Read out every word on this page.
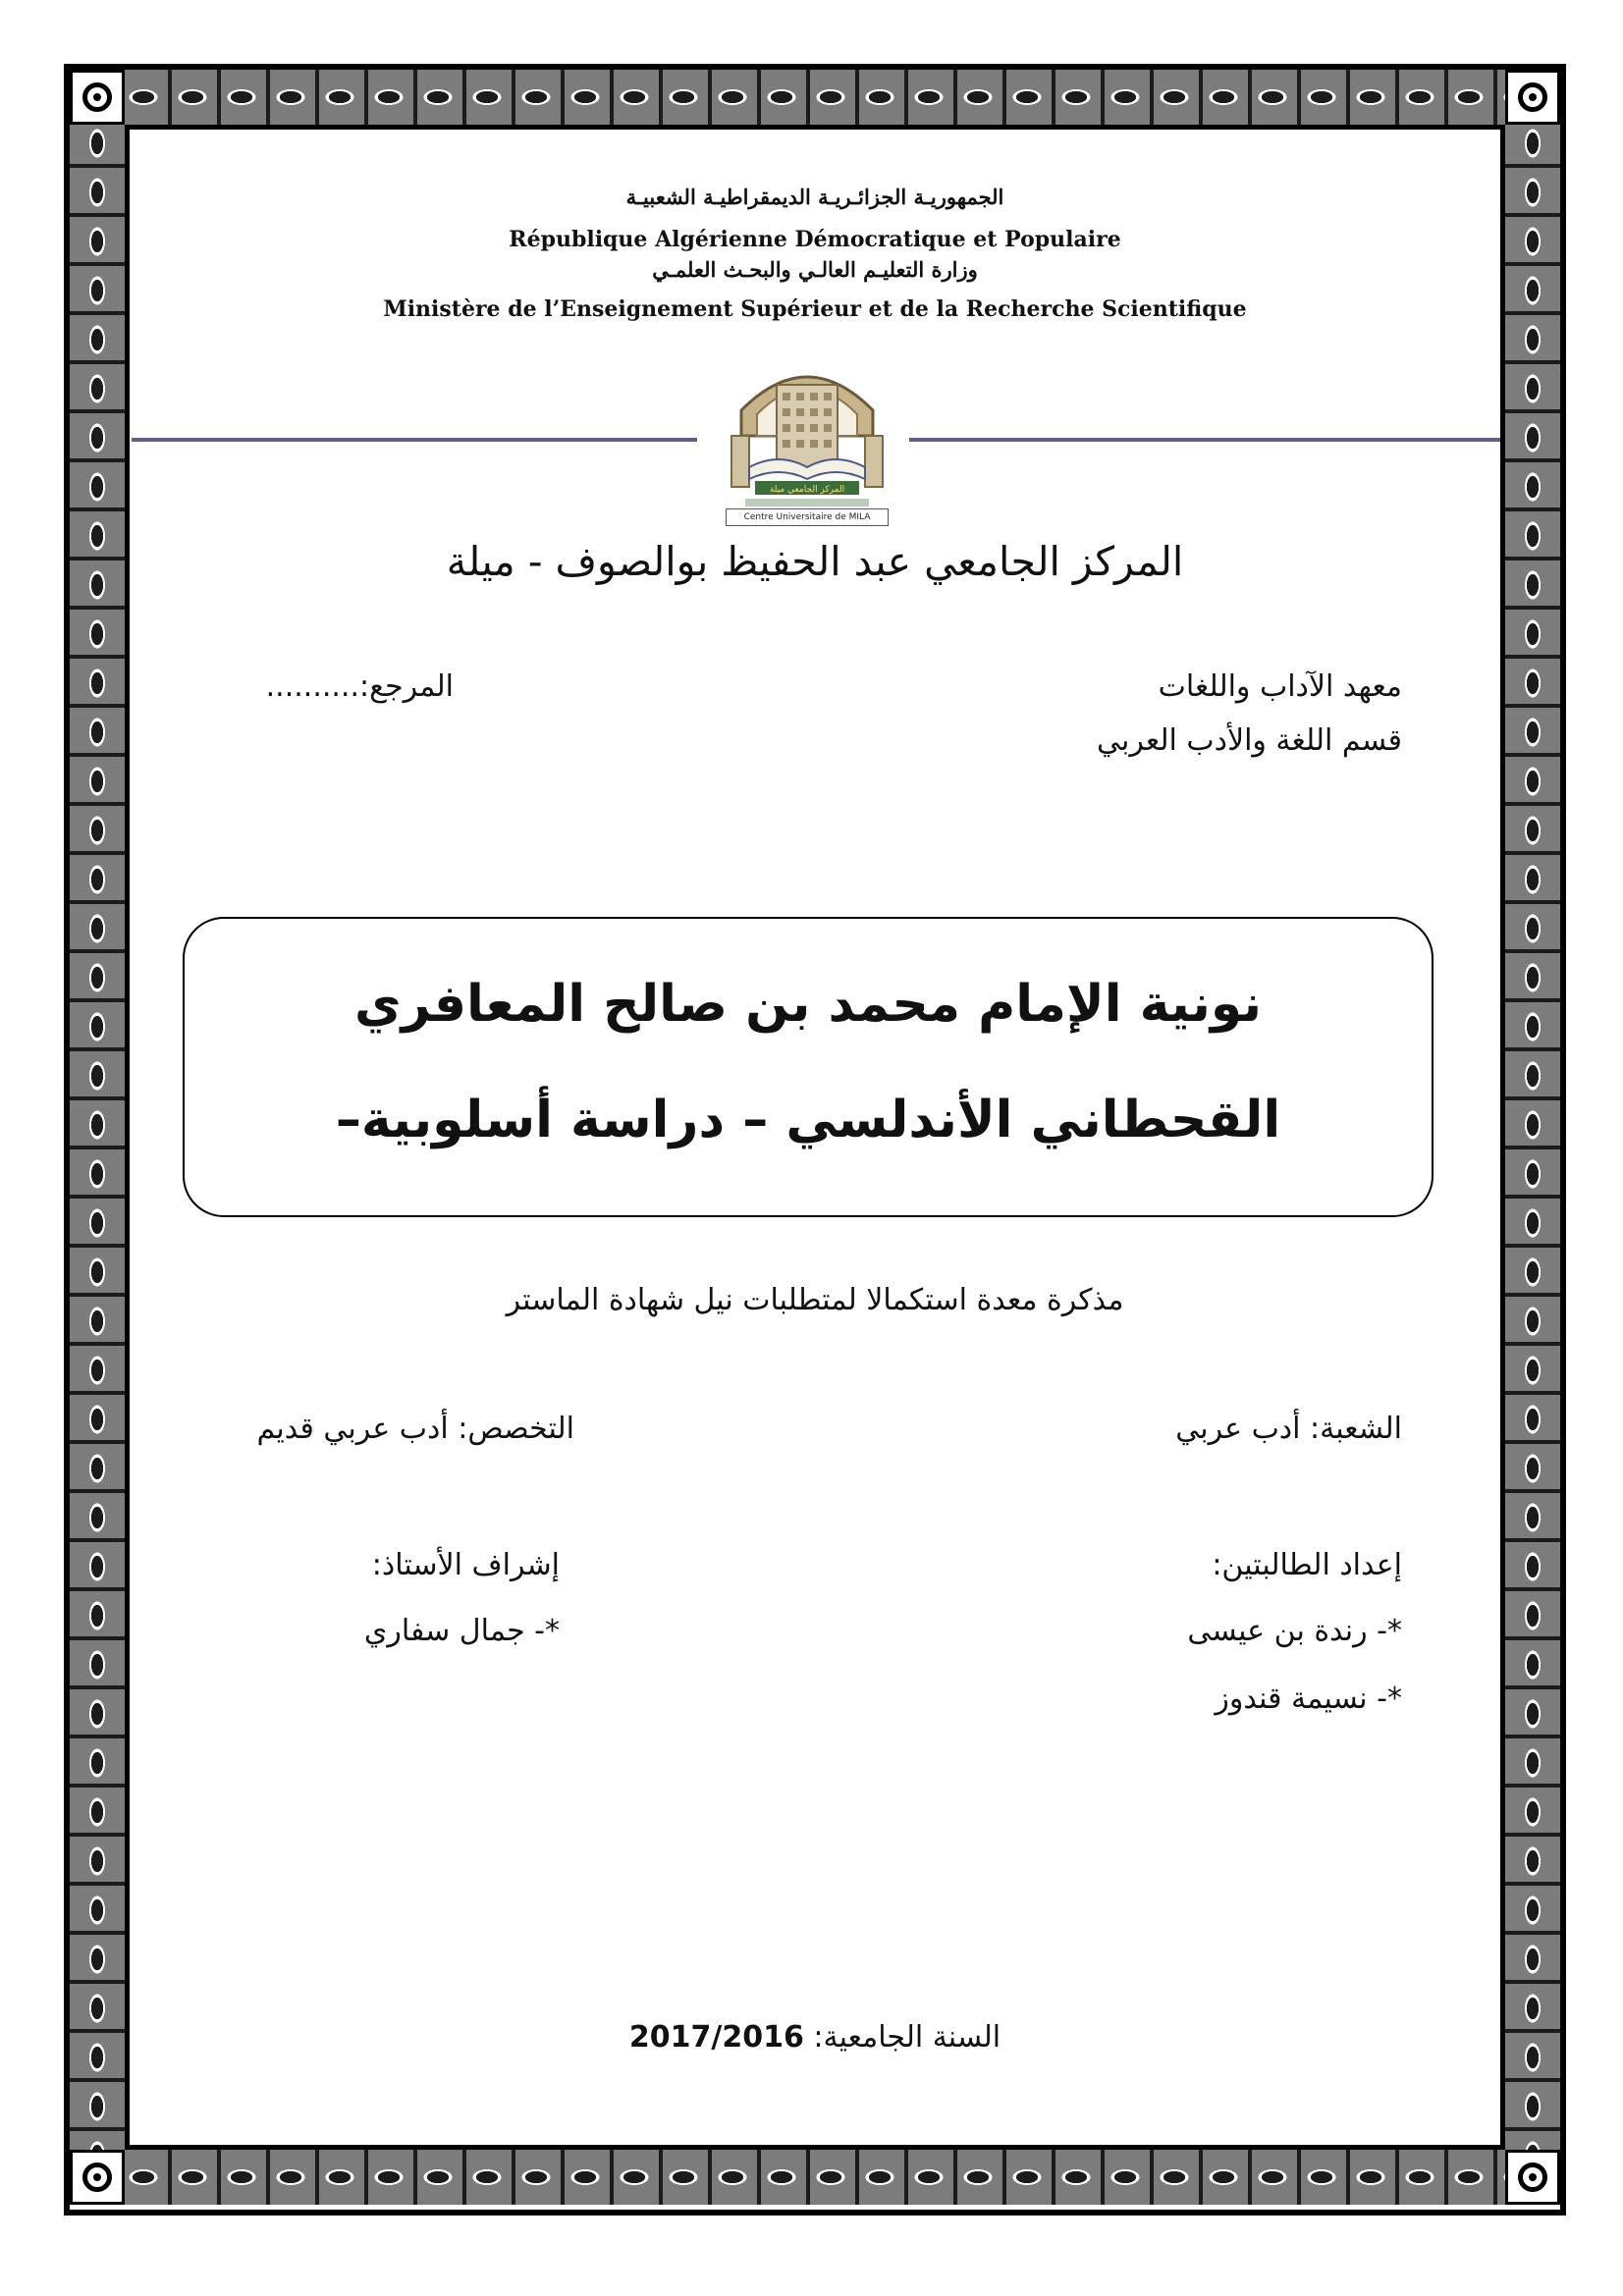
الجمهوريـة الجزائـريـة الديمقراطيـة الشعبيـة
République Algérienne Démocratique et Populaire
وزارة التعليـم العالـي والبحـث العلمـي
Ministère de l’Enseignement Supérieur et de la Recherche Scientifique
المركز الجامعي ميلة
Centre Universitaire de MILA
المركز الجامعي عبد الحفيظ بوالصوف - ميلة
معهد الآداب واللغات
قسم اللغة والأدب العربي
المرجع:..........
نونية الإمام محمد بن صالح المعافري
القحطاني الأندلسي – دراسة أسلوبية–
مذكرة معدة استكمالا لمتطلبات نيل شهادة الماستر
الشعبة: أدب عربي
التخصص: أدب عربي قديم
إعداد الطالبتين:
*- رندة بن عيسى
*- نسيمة قندوز
إشراف الأستاذ:
*- جمال سفاري
السنة الجامعية: 2017/2016
